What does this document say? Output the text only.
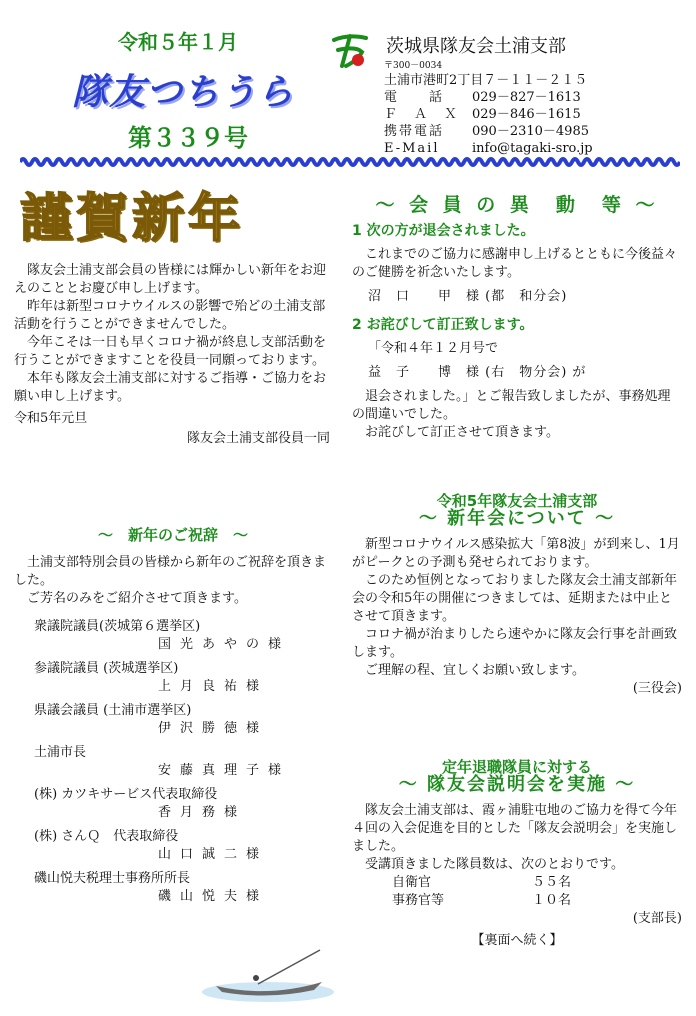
令和５年１月
隊友つちうら
第３３９号
茨城県隊友会土浦支部
〒300－0034
土浦市港町2丁目７－１１－２１５
電　　話	029－827－1613
Ｆ　Ａ　Ｘ 029－846－1615
携帯電話	090－2310－4985
E-Mail	info@tagaki-sro.jp
謹賀新年

隊友会土浦支部会員の皆様には輝かしい新年をお迎えのこととお慶び申し上げます。

昨年は新型コロナウイルスの影響で殆どの土浦支部活動を行うことができませんでした。

今年こそは一日も早くコロナ禍が終息し支部活動を行うことができますことを役員一同願っております。

本年も隊友会土浦支部に対するご指導・ご協力をお願い申し上げます。

令和5年元旦
隊友会土浦支部役員一同
～　新年のご祝辞　～

土浦支部特別会員の皆様から新年のご祝辞を頂きました。

ご芳名のみをご紹介させて頂きます。

衆議院議員(茨城第６選挙区)
国光あやの様
参議院議員 (茨城選挙区)
上月良祐様
県議会議員 (土浦市選挙区)
伊沢勝徳様
土浦市長
安藤真理子様
(株) カツキサービス代表取締役
香月務様
(株) さんＱ　代表取締役
山口誠二様
磯山悦夫税理士事務所所長
磯山悦夫様
～ 会 員 の 異　動　等 ～
1 次の方が退会されました。

これまでのご協力に感謝申し上げるとともに今後益々のご健勝を祈念いたします。

沼　口　　甲　様 (都　和分会)
2 お詫びして訂正致します。
「令和４年１２月号で
益　子　　博　様 (右　物分会) が

退会されました。」とご報告致しましたが、事務処理の間違いでした。

お詫びして訂正させて頂きます。

令和5年隊友会土浦支部
～ 新年会について ～

新型コロナウイルス感染拡大「第8波」が到来し、1月がピークとの予測も発せられております。

このため恒例となっておりました隊友会土浦支部新年会の令和5年の開催につきましては、延期または中止とさせて頂きます。

コロナ禍が治まりしたら速やかに隊友会行事を計画致します。

ご理解の程、宜しくお願い致します。

(三役会)
定年退職隊員に対する
～ 隊友会説明会を実施 ～

隊友会土浦支部は、霞ヶ浦駐屯地のご協力を得て今年４回の入会促進を目的とした「隊友会説明会」を実施しました。

受講頂きました隊員数は、次のとおりです。

自衛官	５５名
事務官等	１０名
(支部長)
【裏面へ続く】
